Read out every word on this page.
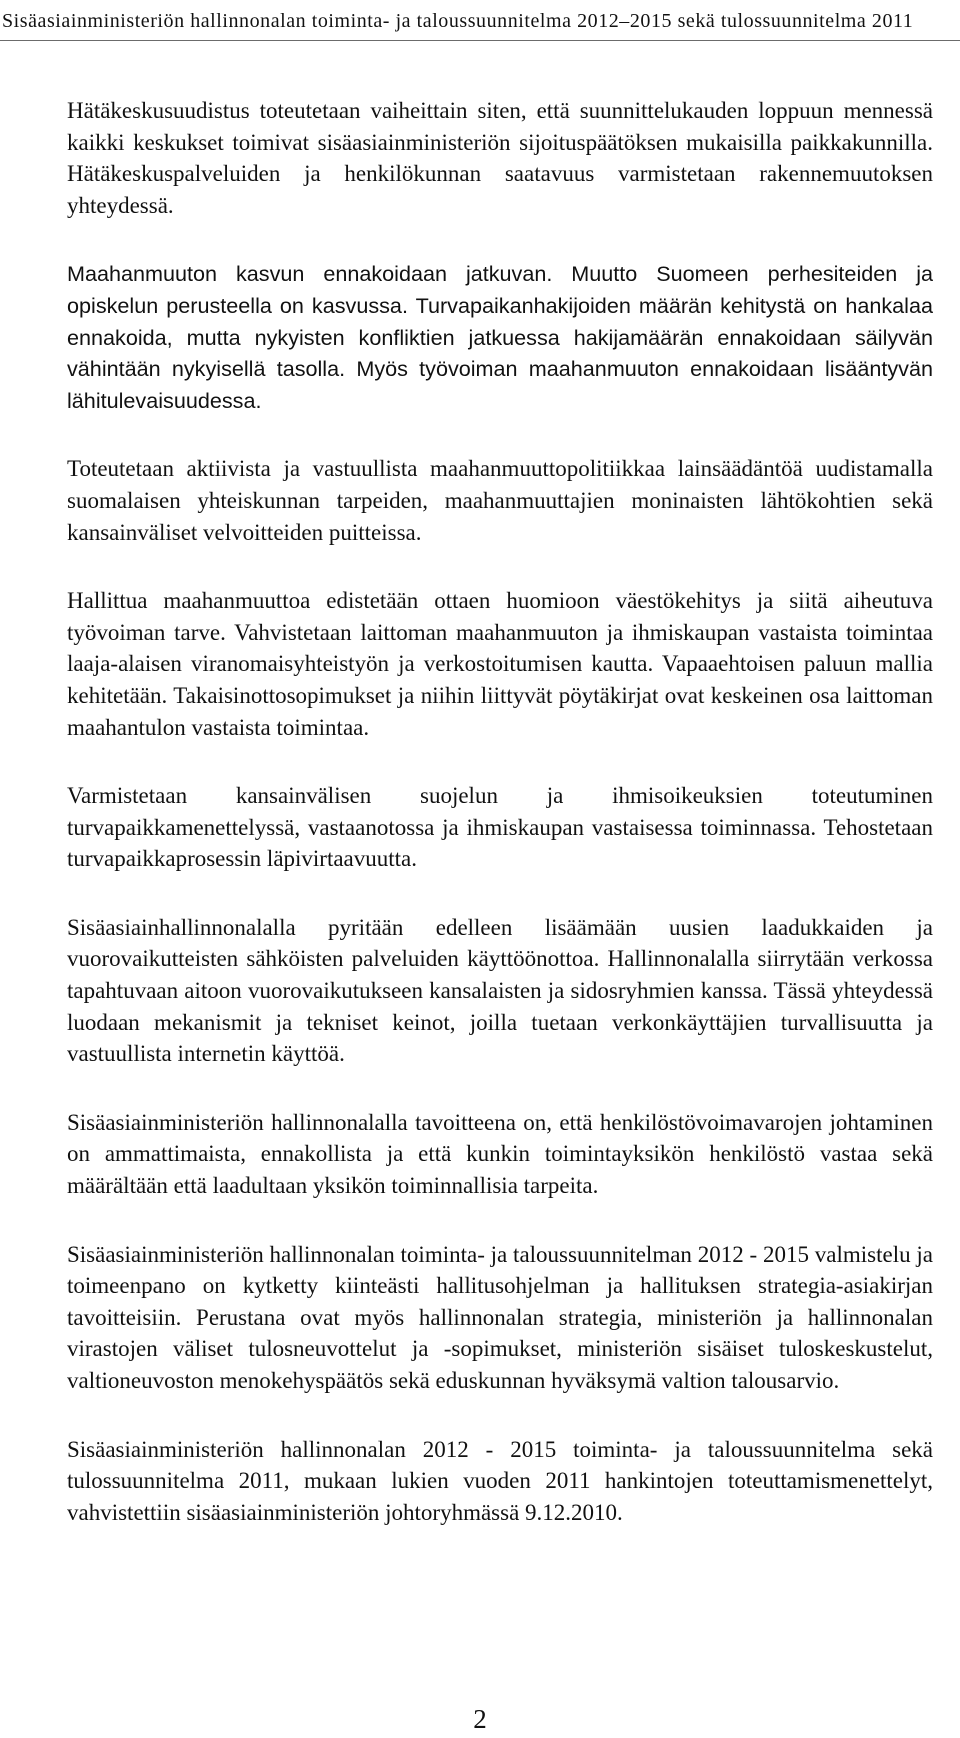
Sisäasiainministeriön hallinnonalan toiminta- ja taloussuunnitelma 2012–2015 sekä tulossuunnitelma 2011

Hätäkeskusuudistus toteutetaan vaiheittain siten, että suunnittelukauden loppuun mennessä kaikki keskukset toimivat sisäasiainministeriön sijoituspäätöksen mukaisilla paikkakunnilla. Hätäkeskuspalveluiden ja henkilökunnan saatavuus varmistetaan rakennemuutoksen yhteydessä.

Maahanmuuton kasvun ennakoidaan jatkuvan. Muutto Suomeen perhesiteiden ja opiskelun perusteella on kasvussa. Turvapaikanhakijoiden määrän kehitystä on hankalaa ennakoida, mutta nykyisten konfliktien jatkuessa hakijamäärän ennakoidaan säilyvän vähintään nykyisellä tasolla. Myös työvoiman maahanmuuton ennakoidaan lisääntyvän lähitulevaisuudessa.

Toteutetaan aktiivista ja vastuullista maahanmuuttopolitiikkaa lainsäädäntöä uudistamalla suomalaisen yhteiskunnan tarpeiden, maahanmuuttajien moninaisten lähtökohtien sekä kansainväliset velvoitteiden puitteissa.

Hallittua maahanmuuttoa edistetään ottaen huomioon väestökehitys ja siitä aiheutuva työvoiman tarve. Vahvistetaan laittoman maahanmuuton ja ihmiskaupan vastaista toimintaa laaja-alaisen viranomaisyhteistyön ja verkostoitumisen kautta. Vapaaehtoisen paluun mallia kehitetään. Takaisinottosopimukset ja niihin liittyvät pöytäkirjat ovat keskeinen osa laittoman maahantulon vastaista toimintaa.

Varmistetaan kansainvälisen suojelun ja ihmisoikeuksien toteutuminen turvapaikkamenettelyssä, vastaanotossa ja ihmiskaupan vastaisessa toiminnassa. Tehostetaan turvapaikkaprosessin läpivirtaavuutta.

Sisäasiainhallinnonalalla pyritään edelleen lisäämään uusien laadukkaiden ja vuorovaikutteisten sähköisten palveluiden käyttöönottoa. Hallinnonalalla siirrytään verkossa tapahtuvaan aitoon vuorovaikutukseen kansalaisten ja sidosryhmien kanssa. Tässä yhteydessä luodaan mekanismit ja tekniset keinot, joilla tuetaan verkonkäyttäjien turvallisuutta ja vastuullista internetin käyttöä.

Sisäasiainministeriön hallinnonalalla tavoitteena on, että henkilöstövoimavarojen johtaminen on ammattimaista, ennakollista ja että kunkin toimintayksikön henkilöstö vastaa sekä määrältään että laadultaan yksikön toiminnallisia tarpeita.

Sisäasiainministeriön hallinnonalan toiminta- ja taloussuunnitelman 2012 - 2015 valmistelu ja toimeenpano on kytketty kiinteästi hallitusohjelman ja hallituksen strategia-asiakirjan tavoitteisiin. Perustana ovat myös hallinnonalan strategia, ministeriön ja hallinnonalan virastojen väliset tulosneuvottelut ja -sopimukset, ministeriön sisäiset tuloskeskustelut, valtioneuvoston menokehyspäätös sekä eduskunnan hyväksymä valtion talousarvio.

Sisäasiainministeriön hallinnonalan 2012 - 2015 toiminta- ja taloussuunnitelma sekä tulossuunnitelma 2011, mukaan lukien vuoden 2011 hankintojen toteuttamismenettelyt, vahvistettiin sisäasiainministeriön johtoryhmässä 9.12.2010.

2
